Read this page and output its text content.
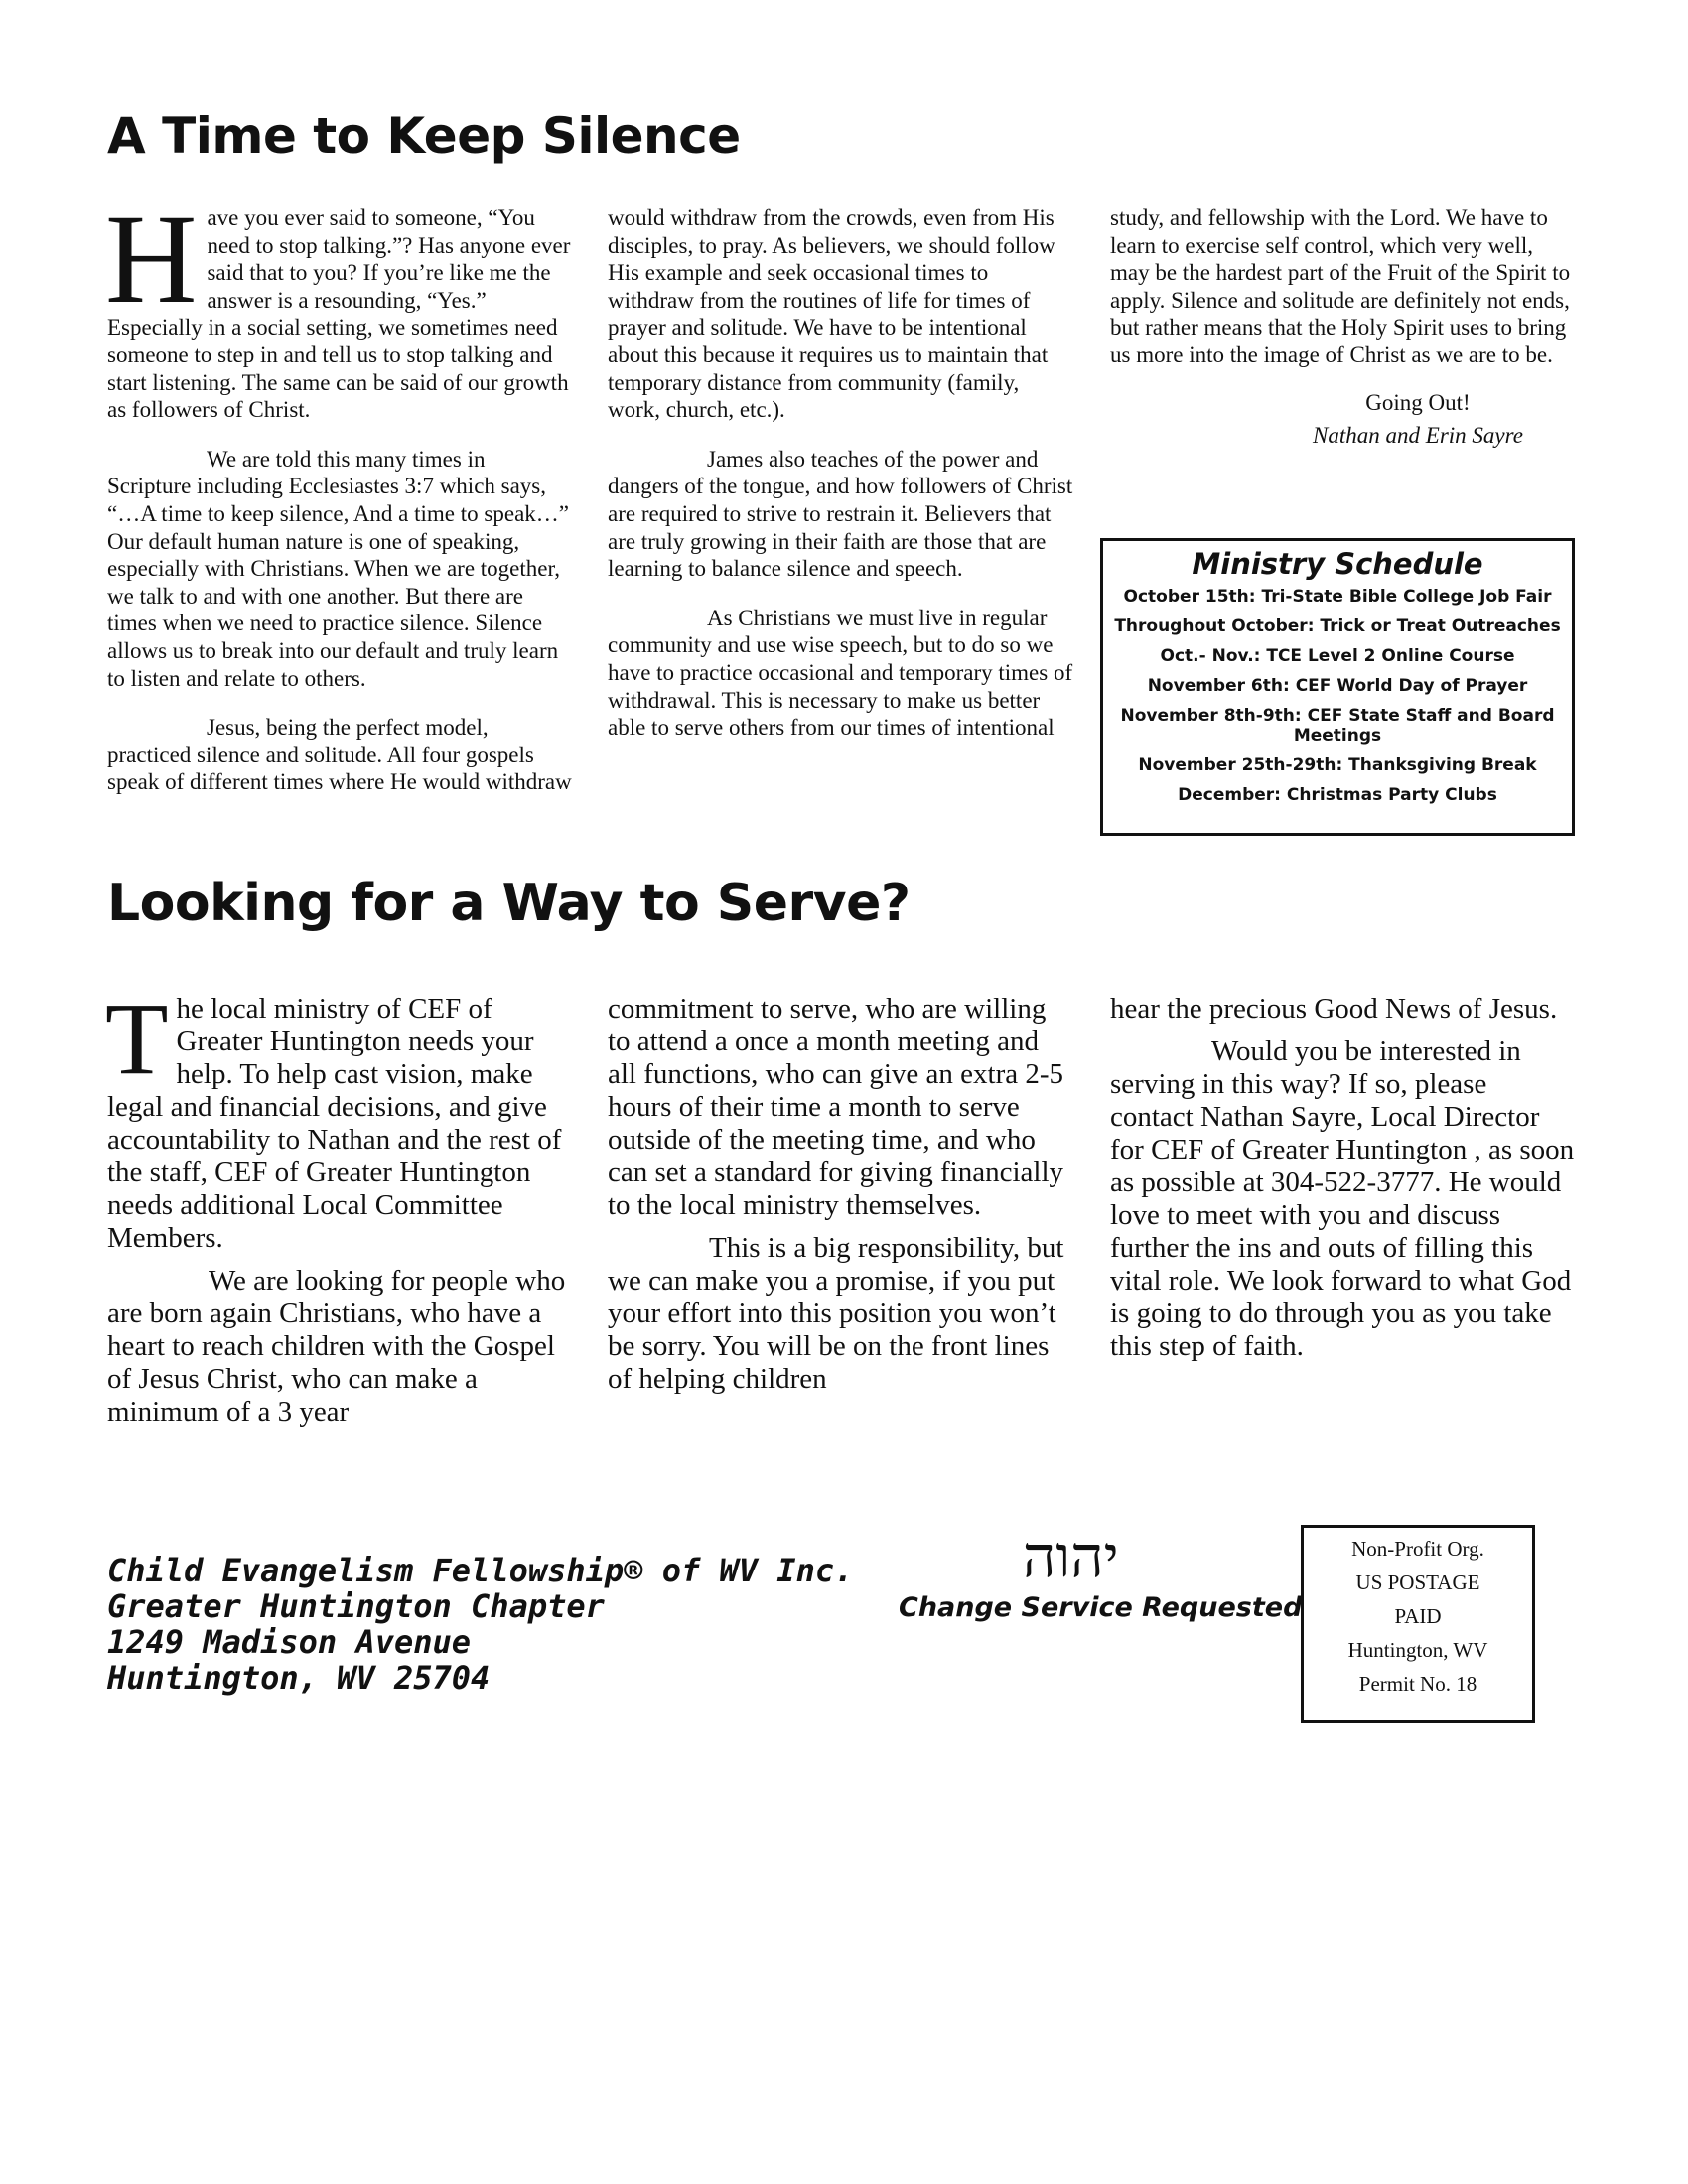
A Time to Keep Silence

Have you ever said to someone, “You need to stop talking.”? Has anyone ever said that to you? If you’re like me the answer is a resounding, “Yes.” Especially in a social setting, we sometimes need someone to step in and tell us to stop talking and start listening. The same can be said of our growth as followers of Christ.

We are told this many times in Scripture including Ecclesiastes 3:7 which says, “…A time to keep silence, And a time to speak…” Our default human nature is one of speaking, especially with Christians. When we are together, we talk to and with one another. But there are times when we need to practice silence. Silence allows us to break into our default and truly learn to listen and relate to others.

Jesus, being the perfect model, practiced silence and solitude. All four gospels speak of different times where He would withdraw

would withdraw from the crowds, even from His disciples, to pray. As believers, we should follow His example and seek occasional times to withdraw from the routines of life for times of prayer and solitude. We have to be intentional about this because it requires us to maintain that temporary distance from community (family, work, church, etc.).

James also teaches of the power and dangers of the tongue, and how followers of Christ are required to strive to restrain it. Believers that are truly growing in their faith are those that are learning to balance silence and speech.

As Christians we must live in regular community and use wise speech, but to do so we have to practice occasional and temporary times of withdrawal. This is necessary to make us better able to serve others from our times of intentional

study, and fellowship with the Lord. We have to learn to exercise self control, which very well, may be the hardest part of the Fruit of the Spirit to apply. Silence and solitude are definitely not ends, but rather means that the Holy Spirit uses to bring us more into the image of Christ as we are to be.

Going Out!

Nathan and Erin Sayre

Ministry Schedule
October 15th: Tri-State Bible College Job Fair
Throughout October: Trick or Treat Outreaches
Oct.- Nov.: TCE Level 2 Online Course
November 6th: CEF World Day of Prayer
November 8th-9th: CEF State Staff and Board Meetings
November 25th-29th: Thanksgiving Break
December: Christmas Party Clubs
Looking for a Way to Serve?

The local ministry of CEF of Greater Huntington needs your help. To help cast vision, make legal and financial decisions, and give accountability to Nathan and the rest of the staff, CEF of Greater Huntington needs additional Local Committee Members.

We are looking for people who are born again Christians, who have a heart to reach children with the Gospel of Jesus Christ, who can make a minimum of a 3 year

commitment to serve, who are willing to attend a once a month meeting and all functions, who can give an extra 2-5 hours of their time a month to serve outside of the meeting time, and who can set a standard for giving financially to the local ministry themselves.

This is a big responsibility, but we can make you a promise, if you put your effort into this position you won’t be sorry. You will be on the front lines of helping children

hear the precious Good News of Jesus.

Would you be interested in serving in this way? If so, please contact Nathan Sayre, Local Director for CEF of Greater Huntington , as soon as possible at 304-522-3777. He would love to meet with you and discuss further the ins and outs of filling this vital role. We look forward to what God is going to do through you as you take this step of faith.

Child Evangelism Fellowship® of WV Inc.
Greater Huntington Chapter
1249 Madison Avenue
Huntington, WV 25704
יהוה
Change Service Requested
Non-Profit Org.
US POSTAGE
PAID
Huntington, WV
Permit No. 18
